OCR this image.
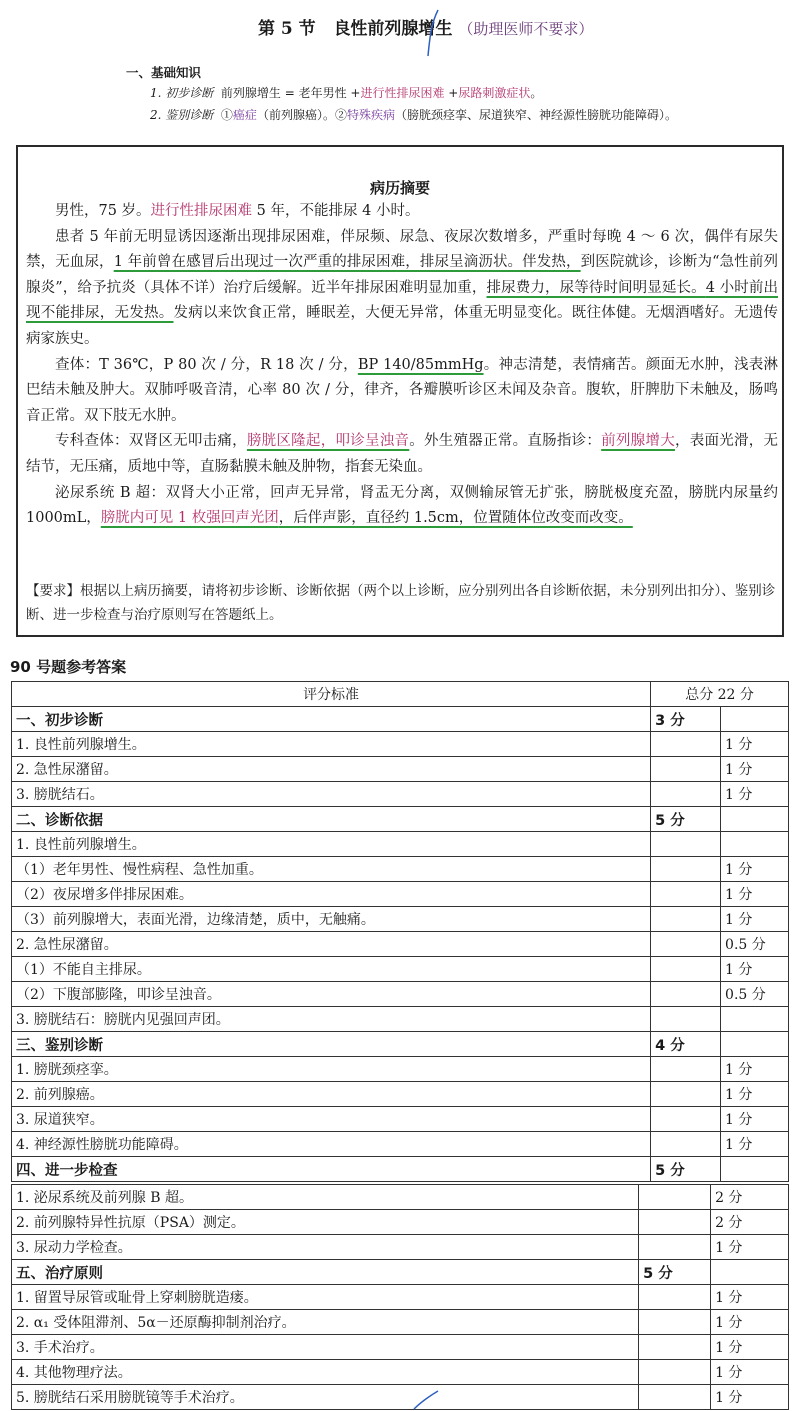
第 5 节 良性前列腺增生 （助理医师不要求）
一、基础知识
1. 初步诊断 前列腺增生 = 老年男性 +进行性排尿困难 +尿路刺激症状。
2. 鉴别诊断 ①癌症（前列腺癌）。②特殊疾病（膀胱颈痉挛、尿道狭窄、神经源性膀胱功能障碍）。
病历摘要

男性，75 岁。进行性排尿困难 5 年，不能排尿 4 小时。

患者 5 年前无明显诱因逐渐出现排尿困难，伴尿频、尿急、夜尿次数增多，严重时每晚 4 ～ 6 次，偶伴有尿失禁，无血尿，1 年前曾在感冒后出现过一次严重的排尿困难，排尿呈滴沥状。伴发热，到医院就诊，诊断为“急性前列腺炎”，给予抗炎（具体不详）治疗后缓解。近半年排尿困难明显加重，排尿费力，尿等待时间明显延长。4 小时前出现不能排尿，无发热。发病以来饮食正常，睡眠差，大便无异常，体重无明显变化。既往体健。无烟酒嗜好。无遗传病家族史。

查体：T 36℃，P 80 次 / 分，R 18 次 / 分，BP 140/85mmHg。神志清楚，表情痛苦。颜面无水肿，浅表淋巴结未触及肿大。双肺呼吸音清，心率 80 次 / 分，律齐，各瓣膜听诊区未闻及杂音。腹软，肝脾肋下未触及，肠鸣音正常。双下肢无水肿。

专科查体：双肾区无叩击痛，膀胱区隆起，叩诊呈浊音。外生殖器正常。直肠指诊：前列腺增大，表面光滑，无结节，无压痛，质地中等，直肠黏膜未触及肿物，指套无染血。

泌尿系统 B 超：双肾大小正常，回声无异常，肾盂无分离，双侧输尿管无扩张，膀胱极度充盈，膀胱内尿量约 1000mL，膀胱内可见 1 枚强回声光团，后伴声影，直径约 1.5cm，位置随体位改变而改变。

【要求】根据以上病历摘要，请将初步诊断、诊断依据（两个以上诊断，应分别列出各自诊断依据，未分别列出扣分）、鉴别诊断、进一步检查与治疗原则写在答题纸上。
90 号题参考答案
评分标准	总分 22 分	
一、初步诊断	3 分	
1. 良性前列腺增生。		1 分
2. 急性尿潴留。		1 分
3. 膀胱结石。		1 分
二、诊断依据	5 分	
1. 良性前列腺增生。		
（1）老年男性、慢性病程、急性加重。		1 分
（2）夜尿增多伴排尿困难。		1 分
（3）前列腺增大，表面光滑，边缘清楚，质中，无触痛。		1 分
2. 急性尿潴留。		0.5 分
（1）不能自主排尿。		1 分
（2）下腹部膨隆，叩诊呈浊音。		0.5 分
3. 膀胱结石：膀胱内见强回声团。		
三、鉴别诊断	4 分	
1. 膀胱颈痉挛。		1 分
2. 前列腺癌。		1 分
3. 尿道狭窄。		1 分
4. 神经源性膀胱功能障碍。		1 分
四、进一步检查	5 分	
1. 泌尿系统及前列腺 B 超。		2 分
2. 前列腺特异性抗原（PSA）测定。		2 分
3. 尿动力学检查。		1 分
五、治疗原则	5 分	
1. 留置导尿管或耻骨上穿刺膀胱造瘘。		1 分
2. α₁ 受体阻滞剂、5α－还原酶抑制剂治疗。		1 分
3. 手术治疗。		1 分
4. 其他物理疗法。		1 分
5. 膀胱结石采用膀胱镜等手术治疗。		1 分
